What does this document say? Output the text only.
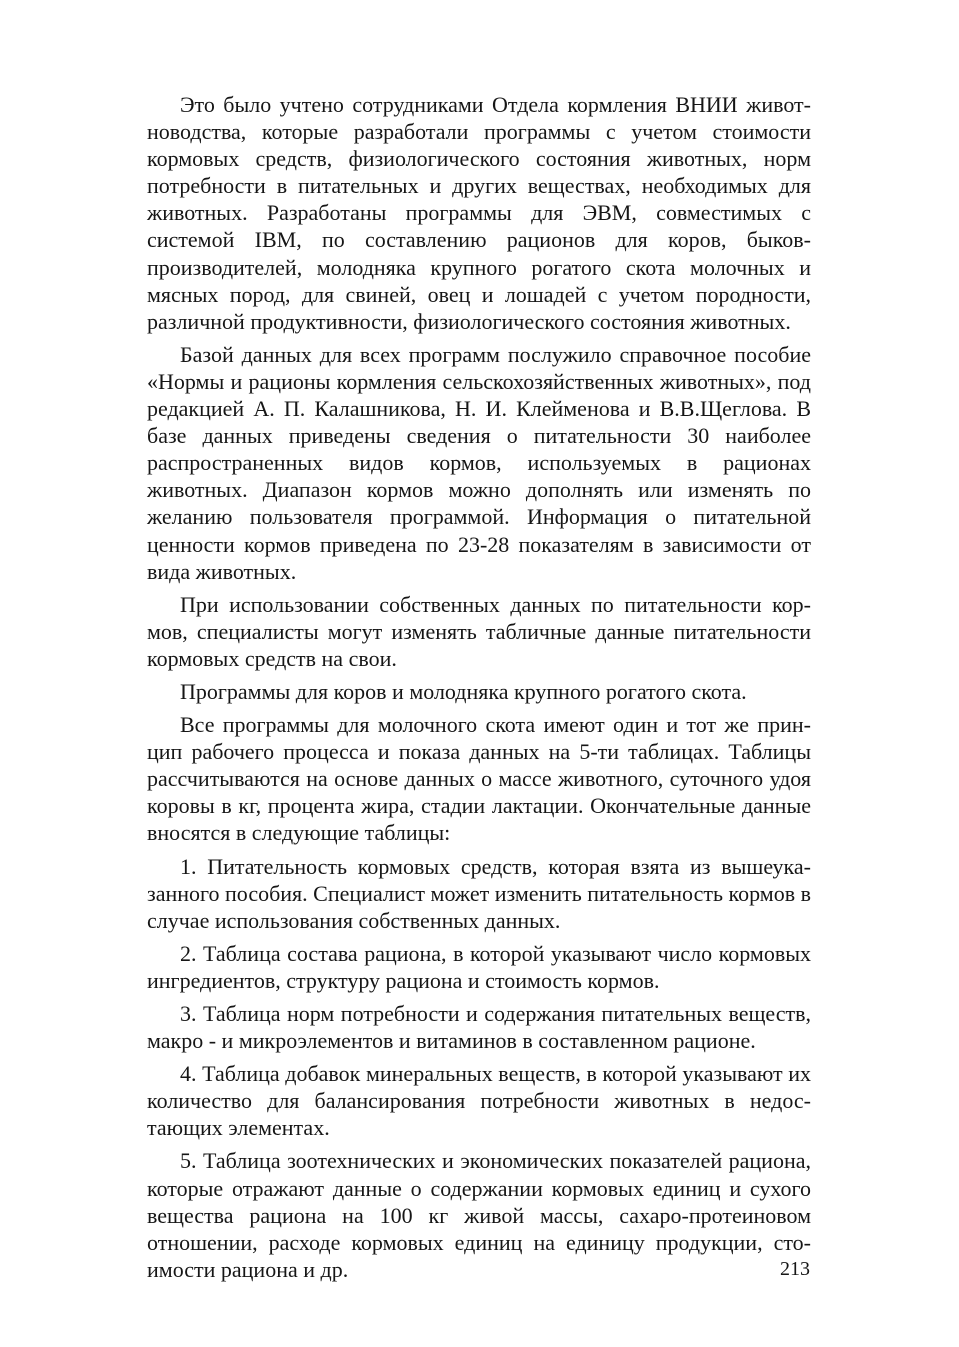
Это было учтено сотрудниками Отдела кормления ВНИИ животноводства, которые разработали программы с учетом стоимости кормовых средств, физиологического состояния животных, норм потребности в питательных и других веществах, необходимых для животных. Разработаны программы для ЭВМ, совместимых с системой IBM, по составлению рационов для коров, быков-производителей, молодняка крупного рогатого скота молочных и мясных пород, для свиней, овец и лошадей с учетом породности, различной продуктивности, физиологического состояния животных.

Базой данных для всех программ послужило справочное пособие «Нормы и рационы кормления сельскохозяйственных животных», под редакцией А. П. Калашникова, Н. И. Клейменова и В.В.Щеглова. В базе данных приведены сведения о питательности 30 наиболее распространенных видов кормов, используемых в рационах животных. Диапазон кормов можно дополнять или изменять по желанию пользователя программой. Информация о питательной ценности кормов приведена по 23-28 показателям в зависимости от вида животных.

При использовании собственных данных по питательности кормов, специалисты могут изменять табличные данные питательности кормовых средств на свои.

Программы для коров и молодняка крупного рогатого скота.

Все программы для молочного скота имеют один и тот же принцип рабочего процесса и показа данных на 5-ти таблицах. Таблицы рассчитываются на основе данных о массе животного, суточного удоя коровы в кг, процента жира, стадии лактации. Окончательные данные вносятся в следующие таблицы:

1. Питательность кормовых средств, которая взята из вышеуказанного пособия. Специалист может изменить питательность кормов в случае использования собственных данных.

2. Таблица состава рациона, в которой указывают число кормовых ингредиентов, структуру рациона и стоимость кормов.

3. Таблица норм потребности и содержания питательных веществ, макро - и микроэлементов и витаминов в составленном рационе.

4. Таблица добавок минеральных веществ, в которой указывают их количество для балансирования потребности животных в недостающих элементах.

5. Таблица зоотехнических и экономических показателей рациона, которые отражают данные о содержании кормовых единиц и сухого вещества рациона на 100 кг живой массы, сахаро-протеиновом отношении, расходе кормовых единиц на единицу продукции, стоимости рациона и др.	213
